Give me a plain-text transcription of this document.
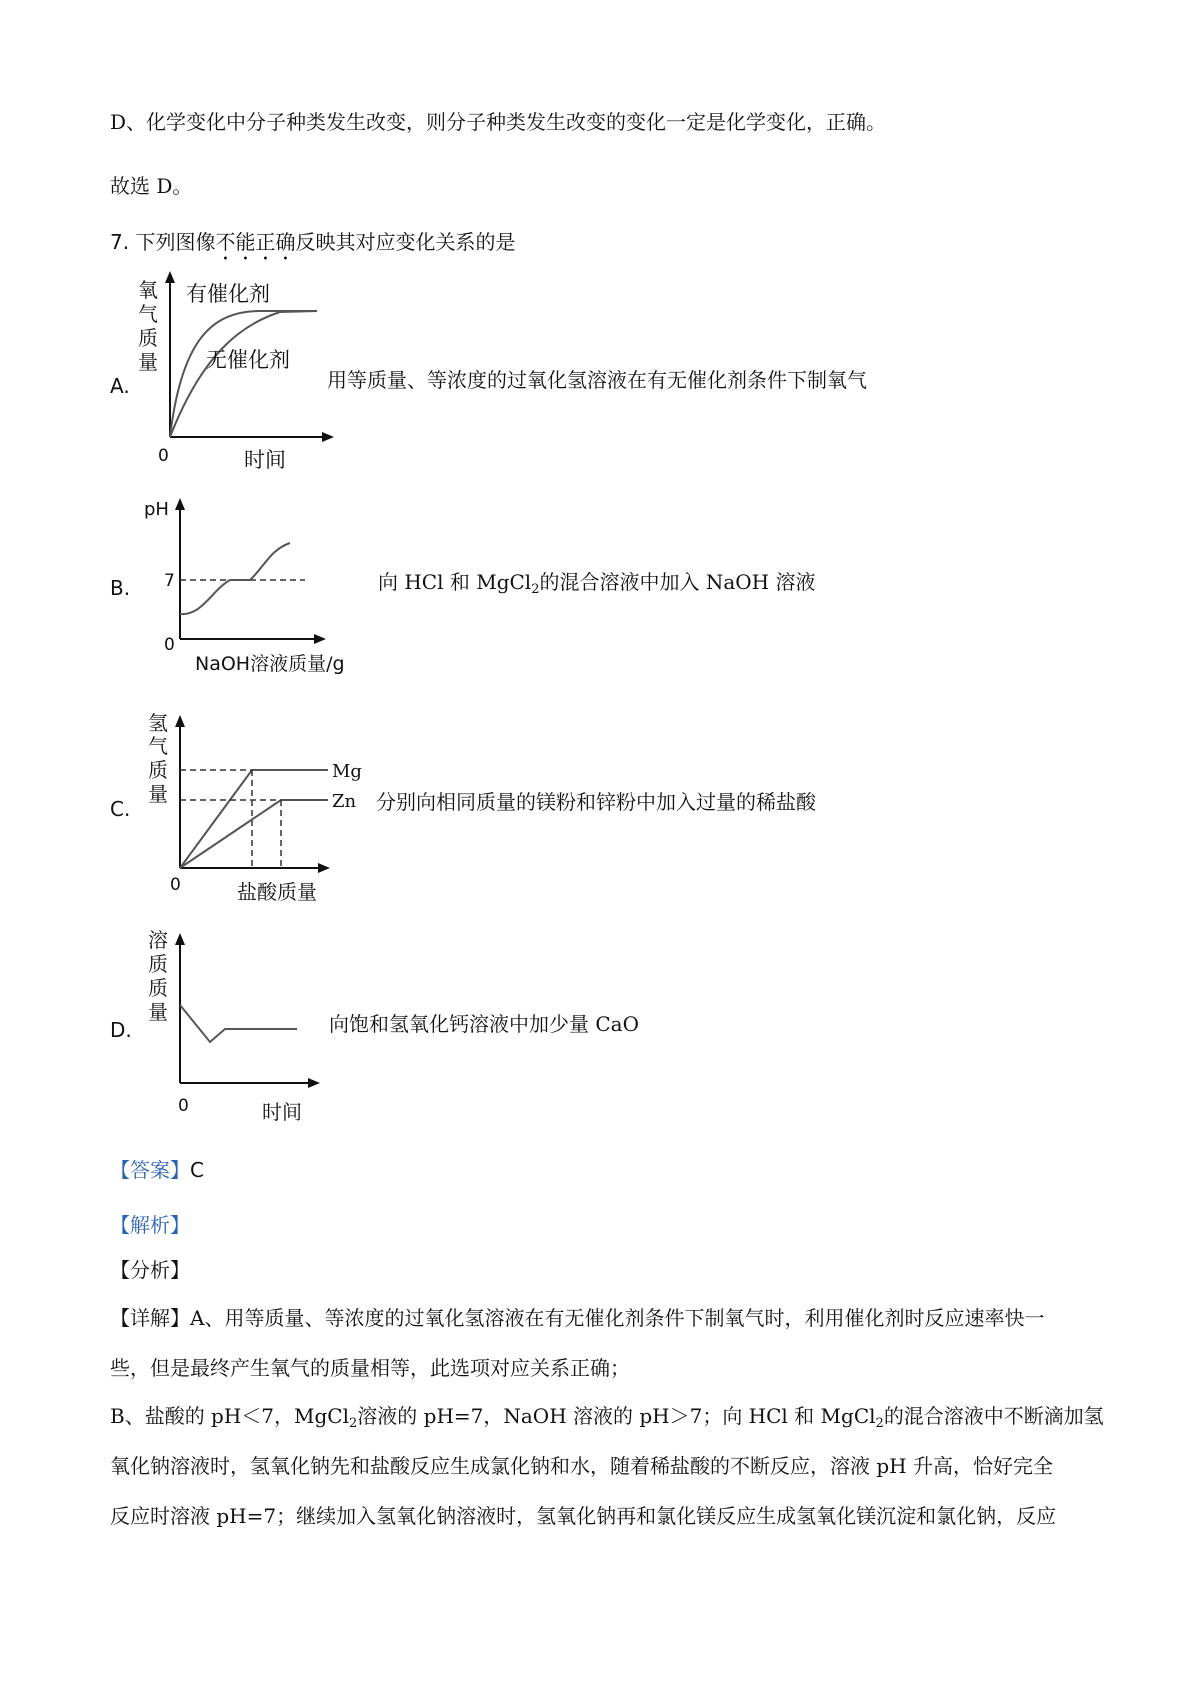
D、化学变化中分子种类发生改变，则分子种类发生改变的变化一定是化学变化，正确。
故选 D。
7. 下列图像不能正确反映其对应变化关系的是
A.
氧
气
质
量
有催化剂
无催化剂
0	时间
用等质量、等浓度的过氧化氢溶液在有无催化剂条件下制氧气
B.
pH
7
0
NaOH溶液质量/g
向 HCl 和 MgCl$_2$的混合溶液中加入 NaOH 溶液
C.
氢
气
质
量
Mg
Zn
0	盐酸质量
分别向相同质量的镁粉和锌粉中加入过量的稀盐酸
D.
溶
质
质
量
0	时间
向饱和氢氧化钙溶液中加少量 CaO
【答案】C
【解析】
【分析】
【详解】A、用等质量、等浓度的过氧化氢溶液在有无催化剂条件下制氧气时，利用催化剂时反应速率快一
些，但是最终产生氧气的质量相等，此选项对应关系正确；
B、盐酸的 pH＜7，MgCl$_2$溶液的 pH=7，NaOH 溶液的 pH＞7；向 HCl 和 MgCl$_2$的混合溶液中不断滴加氢
氧化钠溶液时，氢氧化钠先和盐酸反应生成氯化钠和水，随着稀盐酸的不断反应，溶液 pH 升高，恰好完全
反应时溶液 pH=7；继续加入氢氧化钠溶液时，氢氧化钠再和氯化镁反应生成氢氧化镁沉淀和氯化钠，反应
